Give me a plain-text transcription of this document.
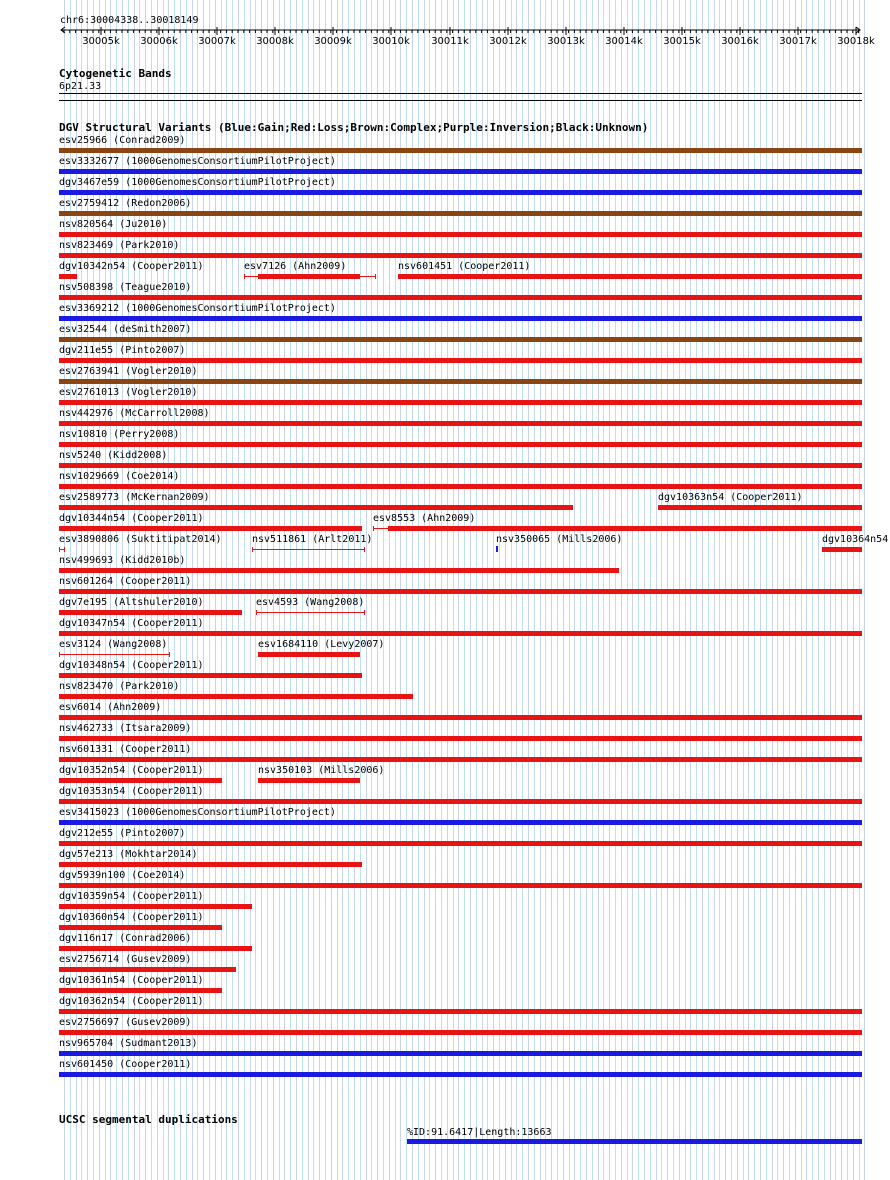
chr6:30004338..30018149
30005k 30006k 30007k 30008k 30009k 30010k 30011k 30012k 30013k 30014k 30015k 30016k 30017k 30018k
Cytogenetic Bands
6p21.33
DGV Structural Variants (Blue:Gain;Red:Loss;Brown:Complex;Purple:Inversion;Black:Unknown)
esv25966 (Conrad2009)
esv3332677 (1000GenomesConsortiumPilotProject)
dgv3467e59 (1000GenomesConsortiumPilotProject)
esv2759412 (Redon2006)
nsv820564 (Ju2010)
nsv823469 (Park2010)
dgv10342n54 (Cooper2011)	esv7126 (Ahn2009)	nsv601451 (Cooper2011)
nsv508398 (Teague2010)
esv3369212 (1000GenomesConsortiumPilotProject)
esv32544 (deSmith2007)
dgv211e55 (Pinto2007)
esv2763941 (Vogler2010)
esv2761013 (Vogler2010)
nsv442976 (McCarroll2008)
nsv10810 (Perry2008)
nsv5240 (Kidd2008)
nsv1029669 (Coe2014)
esv2589773 (McKernan2009)	dgv10363n54 (Cooper2011)
dgv10344n54 (Cooper2011)	esv8553 (Ahn2009)
esv3890806 (Suktitipat2014)	nsv511861 (Arlt2011)	nsv350065 (Mills2006)	dgv10364n54
nsv499693 (Kidd2010b)
nsv601264 (Cooper2011)
dgv7e195 (Altshuler2010)	esv4593 (Wang2008)
dgv10347n54 (Cooper2011)
esv3124 (Wang2008)	esv1684110 (Levy2007)
dgv10348n54 (Cooper2011)
nsv823470 (Park2010)
esv6014 (Ahn2009)
nsv462733 (Itsara2009)
nsv601331 (Cooper2011)
dgv10352n54 (Cooper2011)	nsv350103 (Mills2006)
dgv10353n54 (Cooper2011)
esv3415023 (1000GenomesConsortiumPilotProject)
dgv212e55 (Pinto2007)
dgv57e213 (Mokhtar2014)
dgv5939n100 (Coe2014)
dgv10359n54 (Cooper2011)
dgv10360n54 (Cooper2011)
dgv116n17 (Conrad2006)
esv2756714 (Gusev2009)
dgv10361n54 (Cooper2011)
dgv10362n54 (Cooper2011)
esv2756697 (Gusev2009)
nsv965704 (Sudmant2013)
nsv601450 (Cooper2011)
UCSC segmental duplications
%ID:91.6417|Length:13663
